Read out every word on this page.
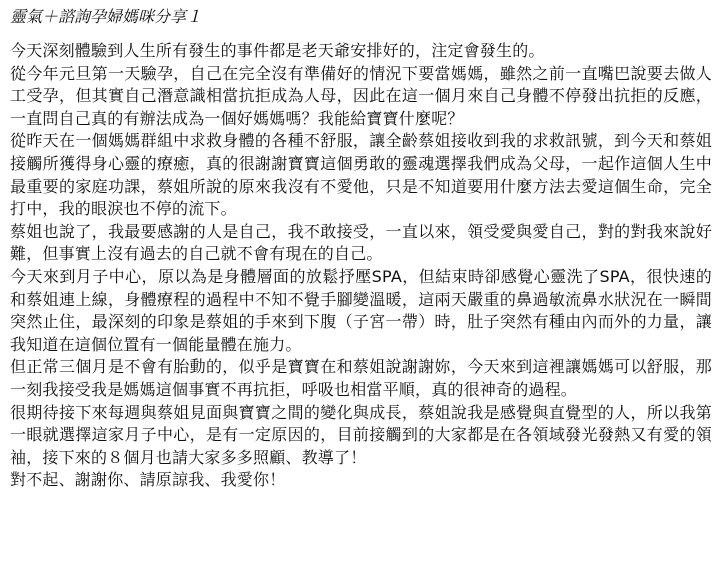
靈氣＋諮詢孕婦媽咪分享１

今天深刻體驗到人生所有發生的事件都是老天爺安排好的，注定會發生的。

從今年元旦第一天驗孕，自己在完全沒有準備好的情況下要當媽媽，雖然之前一直嘴巴說要去做人工受孕，但其實自己潛意識相當抗拒成為人母，因此在這一個月來自己身體不停發出抗拒的反應，一直問自己真的有辦法成為一個好媽媽嗎？我能給寶寶什麼呢？

從昨天在一個媽媽群組中求救身體的各種不舒服，讓全齡蔡姐接收到我的求救訊號，到今天和蔡姐接觸所獲得身心靈的療癒，真的很謝謝寶寶這個勇敢的靈魂選擇我們成為父母，一起作這個人生中最重要的家庭功課，蔡姐所說的原來我沒有不愛他，只是不知道要用什麼方法去愛這個生命，完全打中，我的眼淚也不停的流下。

蔡姐也說了，我最要感謝的人是自己，我不敢接受，一直以來，領受愛與愛自己，對的對我來說好難，但事實上沒有過去的自己就不會有現在的自己。

今天來到月子中心，原以為是身體層面的放鬆抒壓SPA，但結束時卻感覺心靈洗了SPA，很快速的和蔡姐連上線，身體療程的過程中不知不覺手腳變溫暖，這兩天嚴重的鼻過敏流鼻水狀況在一瞬間突然止住，最深刻的印象是蔡姐的手來到下腹（子宮一帶）時，肚子突然有種由內而外的力量，讓我知道在這個位置有一個能量體在施力。

但正常三個月是不會有胎動的，似乎是寶寶在和蔡姐說謝謝妳，今天來到這裡讓媽媽可以舒服，那一刻我接受我是媽媽這個事實不再抗拒，呼吸也相當平順，真的很神奇的過程。

很期待接下來每週與蔡姐見面與寶寶之間的變化與成長，蔡姐說我是感覺與直覺型的人，所以我第一眼就選擇這家月子中心，是有一定原因的，目前接觸到的大家都是在各領域發光發熱又有愛的領袖，接下來的８個月也請大家多多照顧、教導了！

對不起、謝謝你、請原諒我、我愛你！
